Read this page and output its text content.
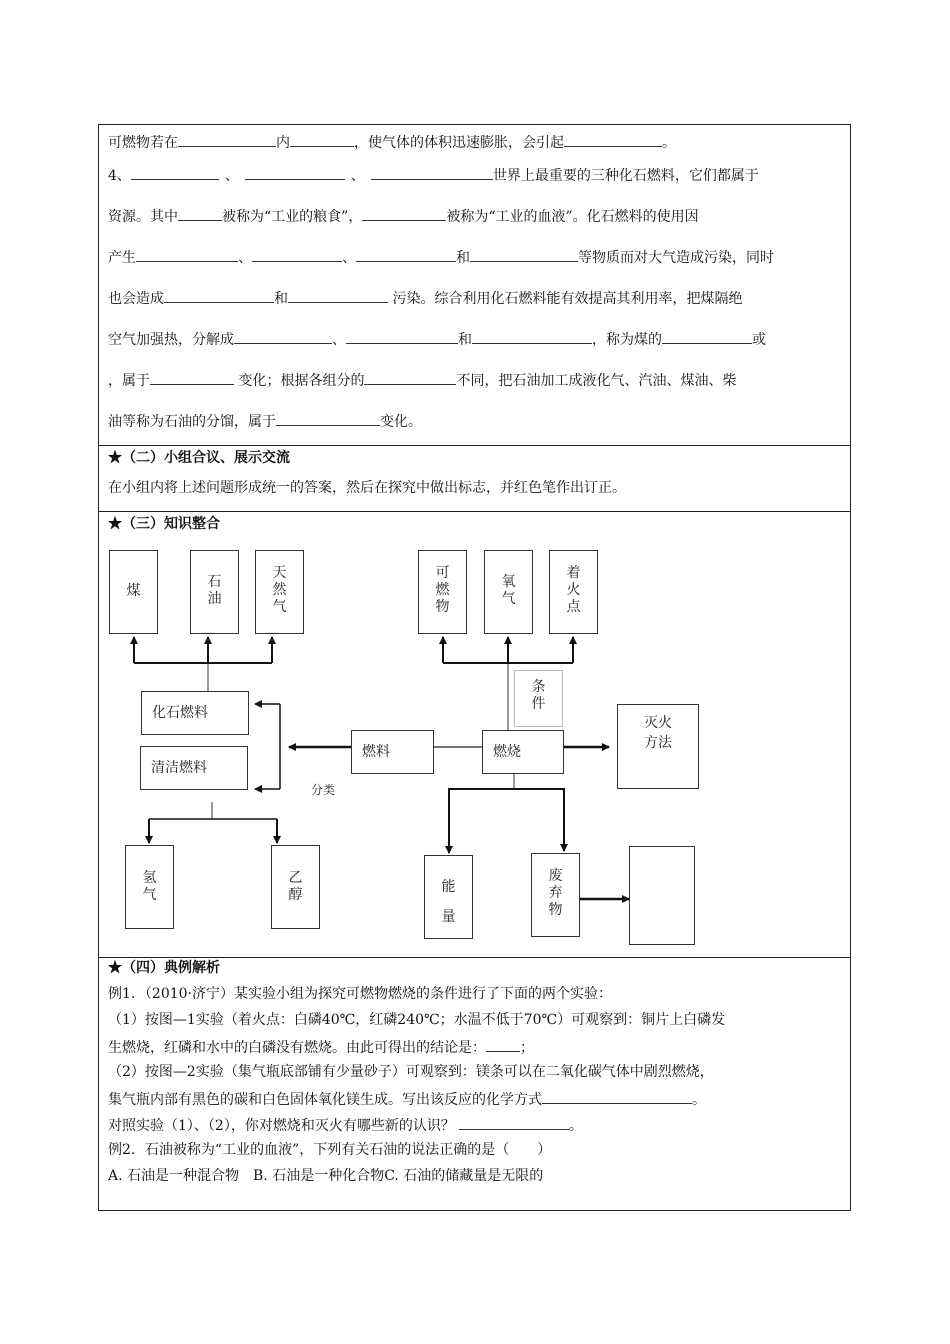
可燃物若在	内	，使气体的体积迅速膨胀，会引起	。
4、	、	、	世界上最重要的三种化石燃料，它们都属于
资源。其中	被称为“工业的粮食”，	被称为“工业的血液”。化石燃料的使用因
产生	、	、	和	等物质而对大气造成污染，同时
也会造成	和	污染。综合利用化石燃料能有效提高其利用率，把煤隔绝
空气加强热，分解成	、	和	，称为煤的	或
，属于	变化；根据各组分的	不同，把石油加工成液化气、汽油、煤油、柴
油等称为石油的分馏，属于	变化。
★（二）小组合议、展示交流
在小组内将上述问题形成统一的答案，然后在探究中做出标志，并红色笔作出订正。
★（三）知识整合
煤
石油
天然气
可燃物
氧气
着火点
条件
化石燃料
清洁燃料
燃料
分类
燃烧
灭火
方法
氢气
乙醇	能
量
废弃物
★（四）典例解析
例1．（2010·济宁）某实验小组为探究可燃物燃烧的条件进行了下面的两个实验：
（1）按图—1实验（着火点：白磷40℃，红磷240℃；水温不低于70℃）可观察到：铜片上白磷发
生燃烧，红磷和水中的白磷没有燃烧。由此可得出的结论是： ；
（2）按图—2实验（集气瓶底部铺有少量砂子）可观察到：镁条可以在二氧化碳气体中剧烈燃烧，
集气瓶内部有黑色的碳和白色固体氧化镁生成。写出该反应的化学方式	。
对照实验（1）、（2），你对燃烧和灭火有哪些新的认识？	。
例2．石油被称为“工业的血液”，下列有关石油的说法正确的是（　　）
A. 石油是一种混合物　B. 石油是一种化合物C. 石油的储藏量是无限的
